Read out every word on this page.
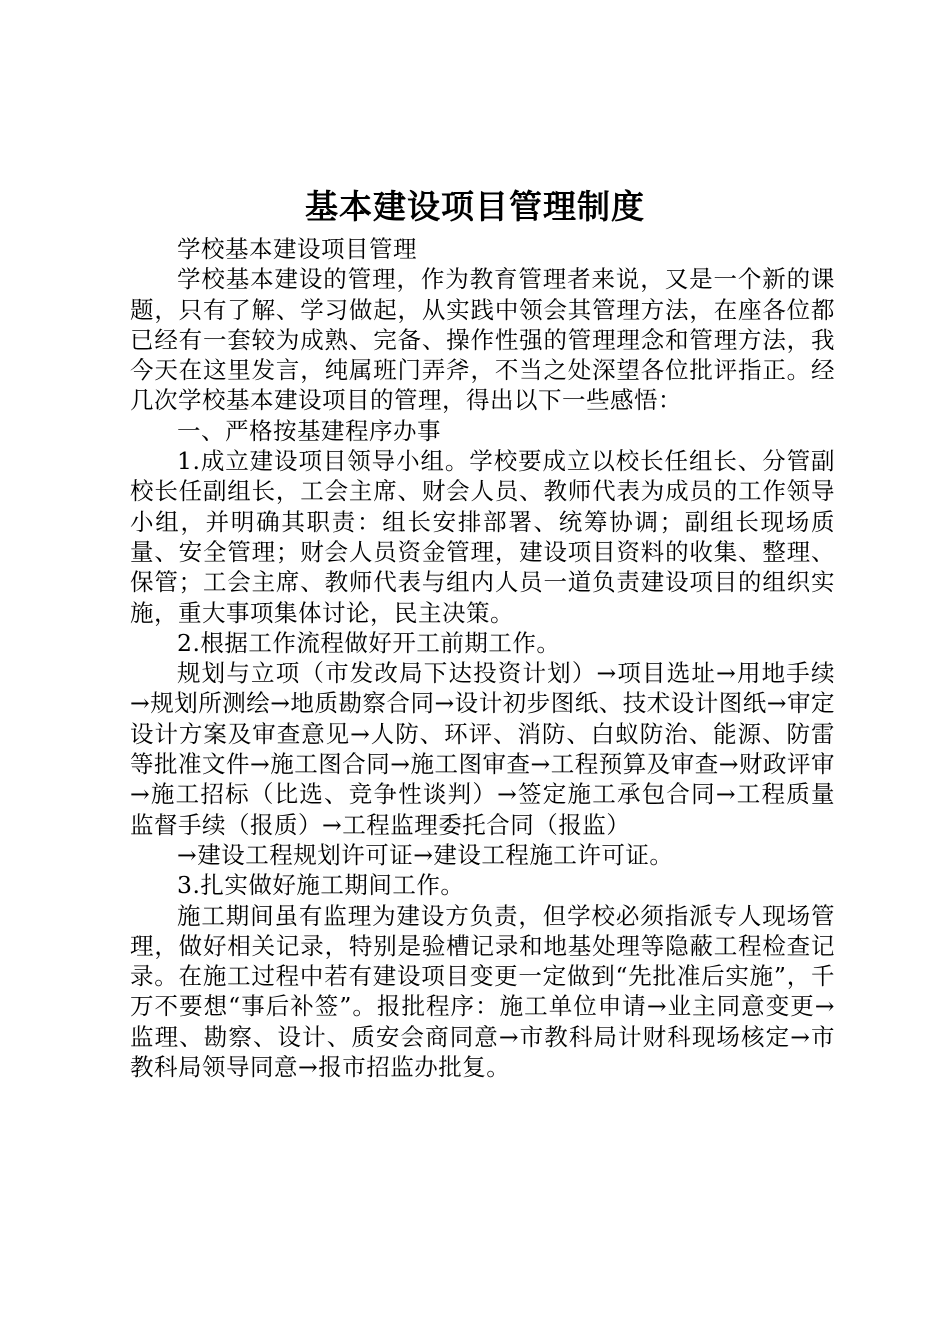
基本建设项目管理制度

学校基本建设项目管理

学校基本建设的管理，作为教育管理者来说，又是一个新的课题，只有了解、学习做起，从实践中领会其管理方法，在座各位都已经有一套较为成熟、完备、操作性强的管理理念和管理方法，我今天在这里发言，纯属班门弄斧，不当之处深望各位批评指正。经几次学校基本建设项目的管理，得出以下一些感悟：

一、严格按基建程序办事

1.成立建设项目领导小组。学校要成立以校长任组长、分管副校长任副组长，工会主席、财会人员、教师代表为成员的工作领导小组，并明确其职责：组长安排部署、统筹协调；副组长现场质量、安全管理；财会人员资金管理，建设项目资料的收集、整理、保管；工会主席、教师代表与组内人员一道负责建设项目的组织实施，重大事项集体讨论，民主决策。

2.根据工作流程做好开工前期工作。

规划与立项（市发改局下达投资计划）→项目选址→用地手续→规划所测绘→地质勘察合同→设计初步图纸、技术设计图纸→审定设计方案及审查意见→人防、环评、消防、白蚁防治、能源、防雷等批准文件→施工图合同→施工图审查→工程预算及审查→财政评审→施工招标（比选、竞争性谈判）→签定施工承包合同→工程质量监督手续（报质）→工程监理委托合同（报监）

→建设工程规划许可证→建设工程施工许可证。

3.扎实做好施工期间工作。

施工期间虽有监理为建设方负责，但学校必须指派专人现场管理，做好相关记录，特别是验槽记录和地基处理等隐蔽工程检查记录。在施工过程中若有建设项目变更一定做到“先批准后实施”，千万不要想“事后补签”。报批程序：施工单位申请→业主同意变更→监理、勘察、设计、质安会商同意→市教科局计财科现场核定→市教科局领导同意→报市招监办批复。
